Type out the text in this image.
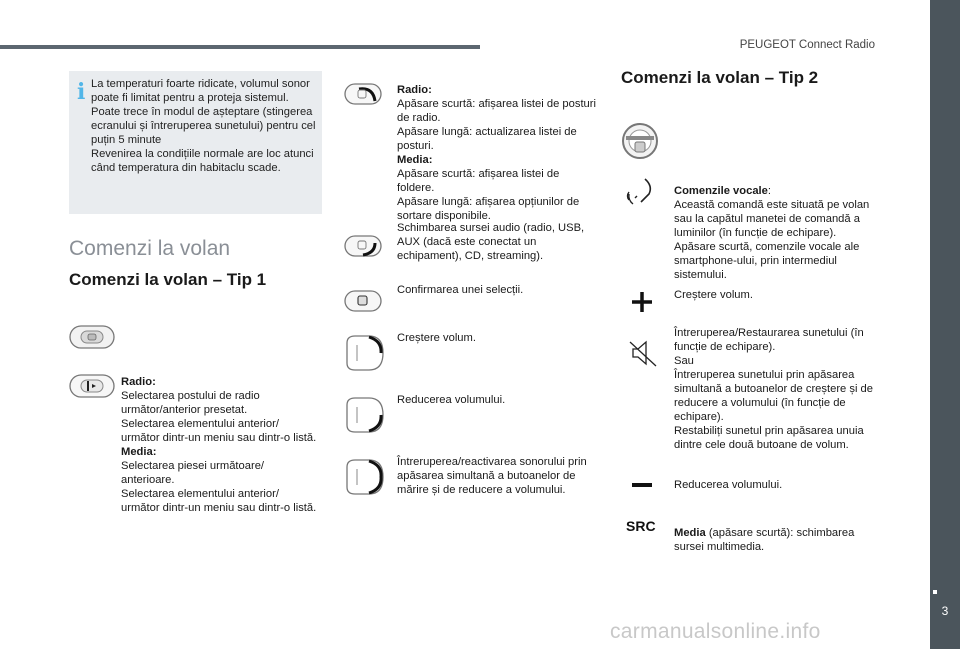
PEUGEOT Connect Radio
3
carmanualsonline.info
i La temperaturi foarte ridicate, volumul sonor poate fi limitat pentru a proteja sistemul. Poate trece în modul de așteptare (stingerea ecranului și întreruperea sunetului) pentru cel puțin 5 minute
Revenirea la condițiile normale are loc atunci când temperatura din habitaclu scade.
Comenzi la volan
Comenzi la volan – Tip 1

Radio:
Selectarea postului de radio următor/anterior presetat.
Selectarea elementului anterior/ următor dintr-un meniu sau dintr-o listă.
Media:
Selectarea piesei următoare/ anterioare.
Selectarea elementului anterior/ următor dintr-un meniu sau dintr-o listă.

Radio:
Apăsare scurtă: afișarea listei de posturi de radio.
Apăsare lungă: actualizarea listei de posturi.
Media:
Apăsare scurtă: afișarea listei de foldere.
Apăsare lungă: afișarea opțiunilor de sortare disponibile.

Schimbarea sursei audio (radio, USB, AUX (dacă este conectat un echipament), CD, streaming).
Confirmarea unei selecții.
Creștere volum.
Reducerea volumului.
Întreruperea/reactivarea sonorului prin apăsarea simultană a butoanelor de mărire și de reducere a volumului.
Comenzi la volan – Tip 2

Comenzile vocale:
Această comandă este situată pe volan sau la capătul manetei de comandă a luminilor (în funcție de echipare).
Apăsare scurtă, comenzile vocale ale smartphone-ului, prin intermediul sistemului.

Creștere volum.
Întreruperea/Restaurarea sunetului (în funcție de echipare).
Sau
Întreruperea sunetului prin apăsarea simultană a butoanelor de creștere și de reducere a volumului (în funcție de echipare).
Restabiliți sunetul prin apăsarea unuia dintre cele două butoane de volum.
Reducerea volumului.
SRC Media (apăsare scurtă): schimbarea sursei multimedia.
